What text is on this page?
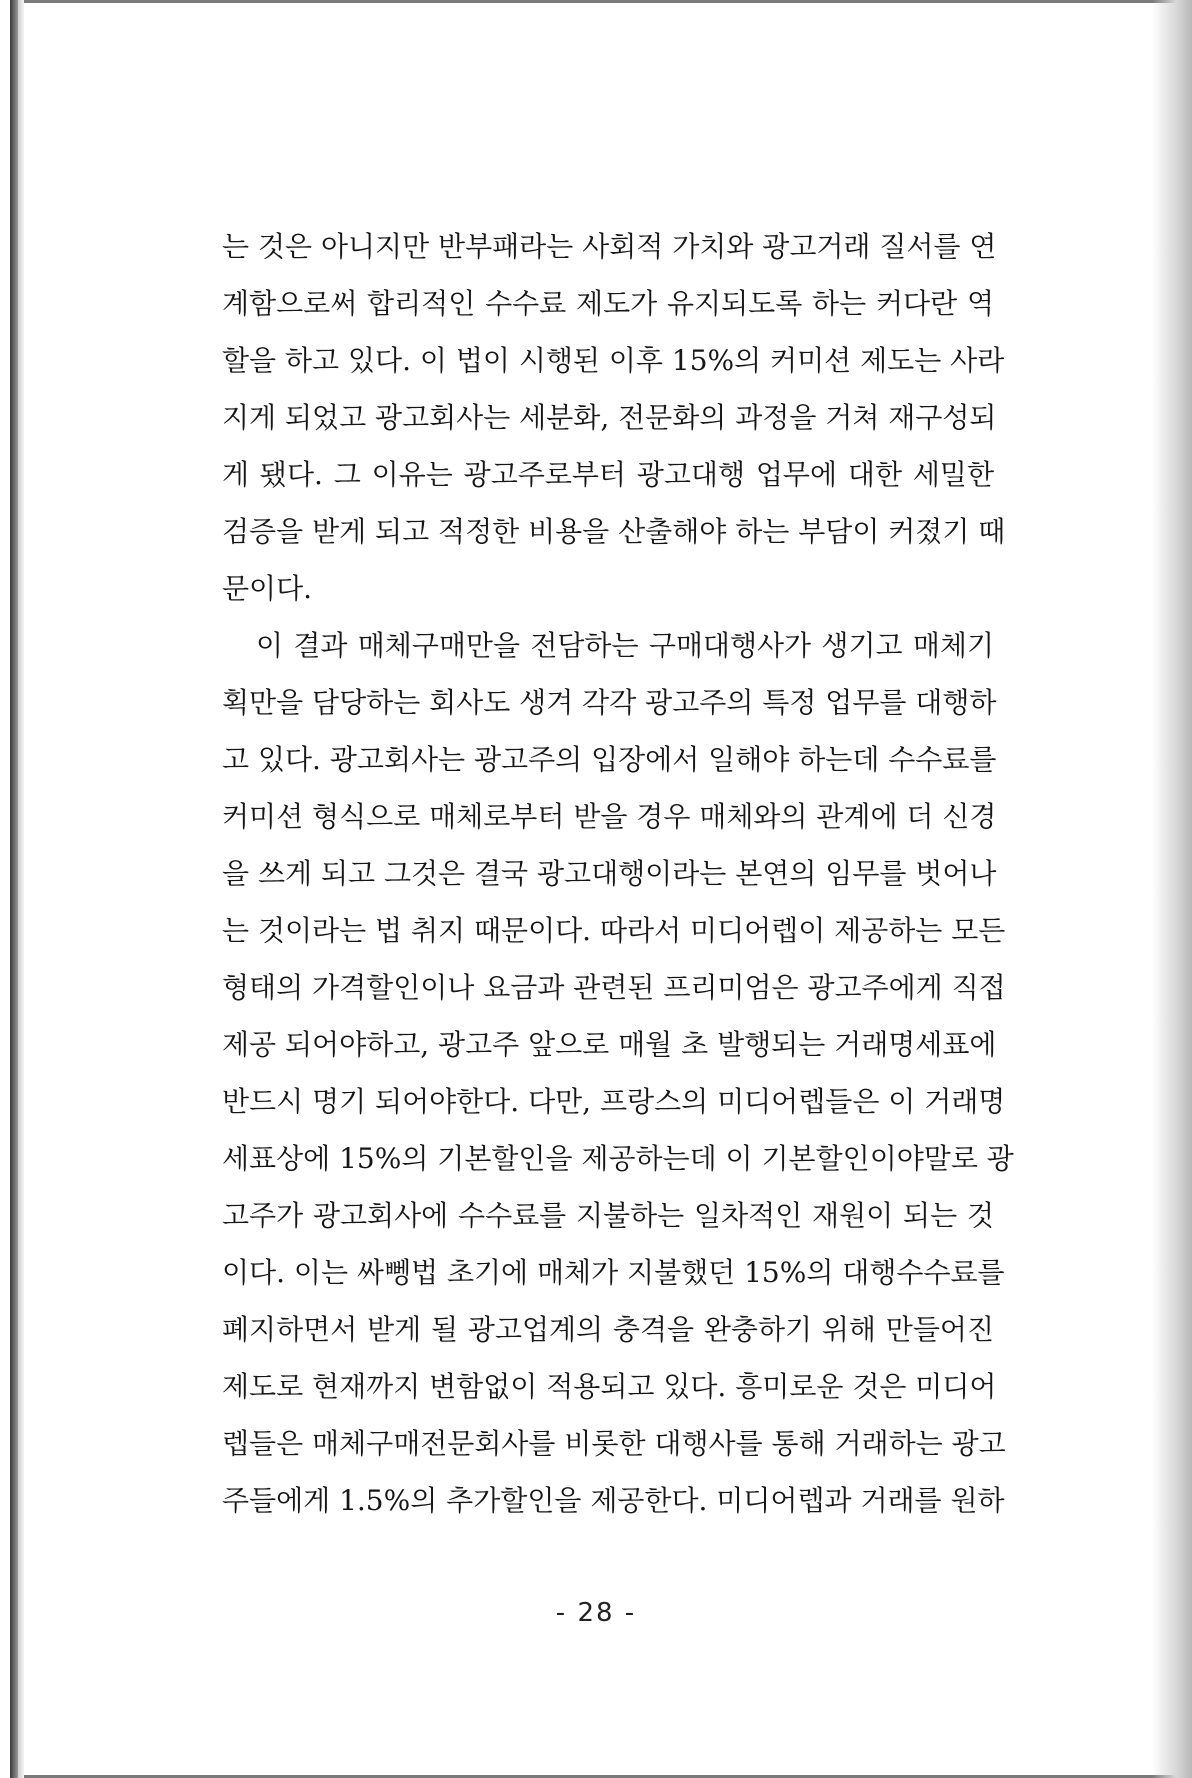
는 것은 아니지만 반부패라는 사회적 가치와 광고거래 질서를 연
계함으로써 합리적인 수수료 제도가 유지되도록 하는 커다란 역
할을 하고 있다. 이 법이 시행된 이후 15%의 커미션 제도는 사라
지게 되었고 광고회사는 세분화, 전문화의 과정을 거쳐 재구성되
게 됐다. 그 이유는 광고주로부터 광고대행 업무에 대한 세밀한
검증을 받게 되고 적정한 비용을 산출해야 하는 부담이 커졌기 때
문이다.
이 결과 매체구매만을 전담하는 구매대행사가 생기고 매체기
획만을 담당하는 회사도 생겨 각각 광고주의 특정 업무를 대행하
고 있다. 광고회사는 광고주의 입장에서 일해야 하는데 수수료를
커미션 형식으로 매체로부터 받을 경우 매체와의 관계에 더 신경
을 쓰게 되고 그것은 결국 광고대행이라는 본연의 임무를 벗어나
는 것이라는 법 취지 때문이다. 따라서 미디어렙이 제공하는 모든
형태의 가격할인이나 요금과 관련된 프리미엄은 광고주에게 직접
제공 되어야하고, 광고주 앞으로 매월 초 발행되는 거래명세표에
반드시 명기 되어야한다. 다만, 프랑스의 미디어렙들은 이 거래명
세표상에 15%의 기본할인을 제공하는데 이 기본할인이야말로 광
고주가 광고회사에 수수료를 지불하는 일차적인 재원이 되는 것
이다. 이는 싸뼁법 초기에 매체가 지불했던 15%의 대행수수료를
폐지하면서 받게 될 광고업계의 충격을 완충하기 위해 만들어진
제도로 현재까지 변함없이 적용되고 있다. 흥미로운 것은 미디어
렙들은 매체구매전문회사를 비롯한 대행사를 통해 거래하는 광고
주들에게 1.5%의 추가할인을 제공한다. 미디어렙과 거래를 원하
- 28 -
